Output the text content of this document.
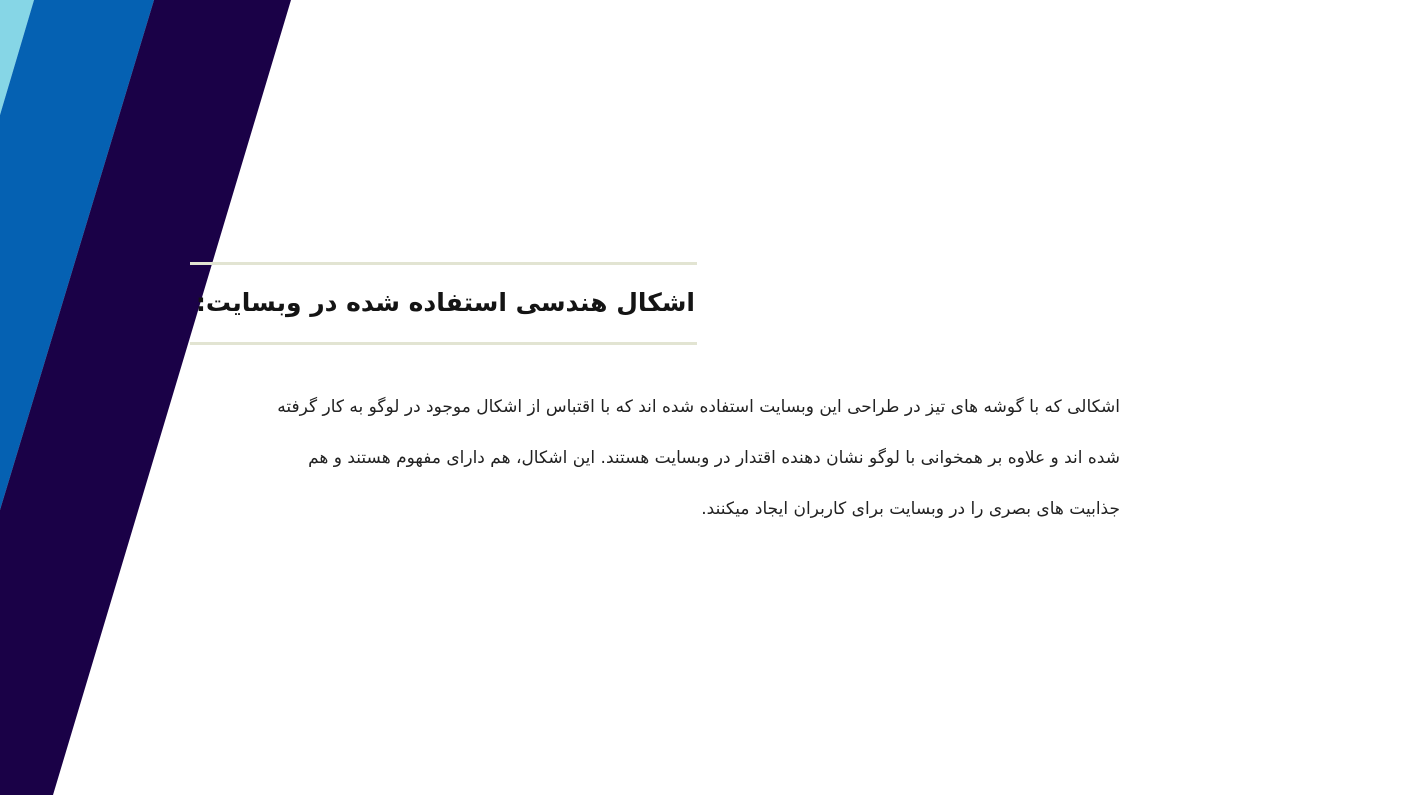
اشکال هندسی استفاده شده در وبسایت:

اشکالی که با گوشه های تیز در طراحی این وبسایت استفاده شده اند که با اقتباس از اشکال موجود در لوگو به کار گرفته
شده اند و علاوه بر همخوانی با لوگو نشان دهنده اقتدار در وبسایت هستند. این اشکال، هم دارای مفهوم هستند و هم
جذابیت های بصری را در وبسایت برای کاربران ایجاد میکنند.
